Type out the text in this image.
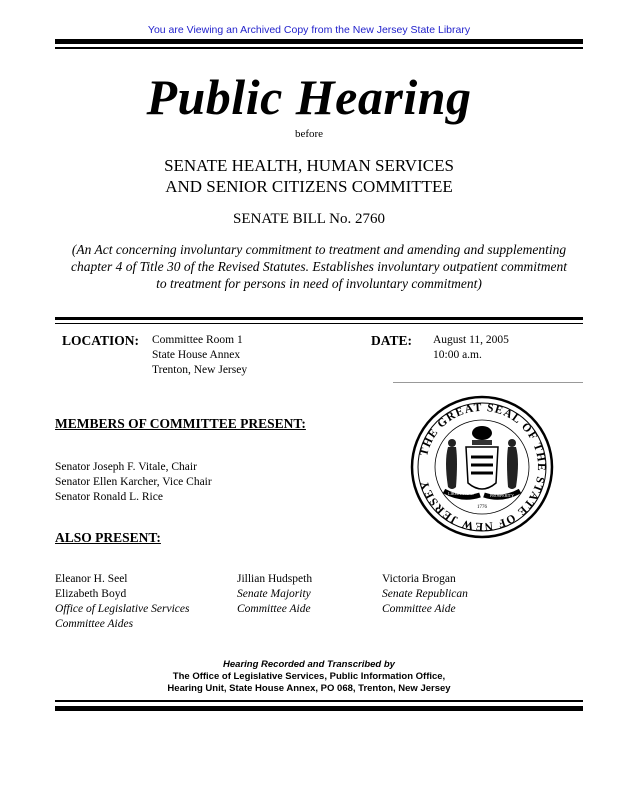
You are Viewing an Archived Copy from the New Jersey State Library
Public Hearing
before
SENATE HEALTH, HUMAN SERVICES
AND SENIOR CITIZENS COMMITTEE
SENATE BILL No. 2760
(An Act concerning involuntary commitment to treatment and amending and supplementing
chapter 4 of Title 30 of the Revised Statutes. Establishes involuntary outpatient commitment
to treatment for persons in need of involuntary commitment)
LOCATION: Committee Room 1
State House Annex
Trenton, New Jersey
DATE: August 11, 2005
10:00 a.m.
MEMBERS OF COMMITTEE PRESENT:
Senator Joseph F. Vitale, Chair
Senator Ellen Karcher, Vice Chair
Senator Ronald L. Rice
ALSO PRESENT:
Eleanor H. Seel
Elizabeth Boyd
Office of Legislative Services
Committee Aides
Jillian Hudspeth
Senate Majority
Committee Aide
Victoria Brogan
Senate Republican
Committee Aide
THE GREAT SEAL OF THE STATE OF NEW JERSEY
LIBERTY AND	PROSPERITY
1776
Hearing Recorded and Transcribed by
The Office of Legislative Services, Public Information Office,
Hearing Unit, State House Annex, PO 068, Trenton, New Jersey
